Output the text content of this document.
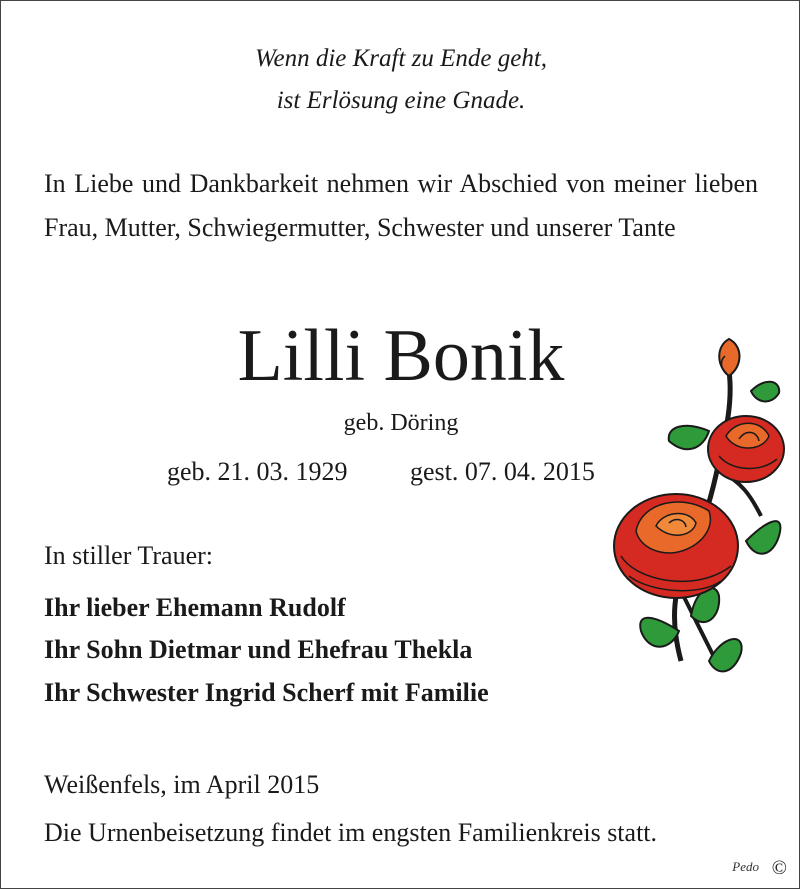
Wenn die Kraft zu Ende geht,
ist Erlösung eine Gnade.
In Liebe und Dankbarkeit nehmen wir Abschied von meiner lieben Frau, Mutter, Schwiegermutter, Schwester und unserer Tante
Lilli Bonik
geb. Döring
geb. 21. 03. 1929 gest. 07. 04. 2015
In stiller Trauer:
Ihr lieber Ehemann Rudolf
Ihr Sohn Dietmar und Ehefrau Thekla
Ihr Schwester Ingrid Scherf mit Familie
Weißenfels, im April 2015
Die Urnenbeisetzung findet im engsten Familienkreis statt.
Pedo ©
